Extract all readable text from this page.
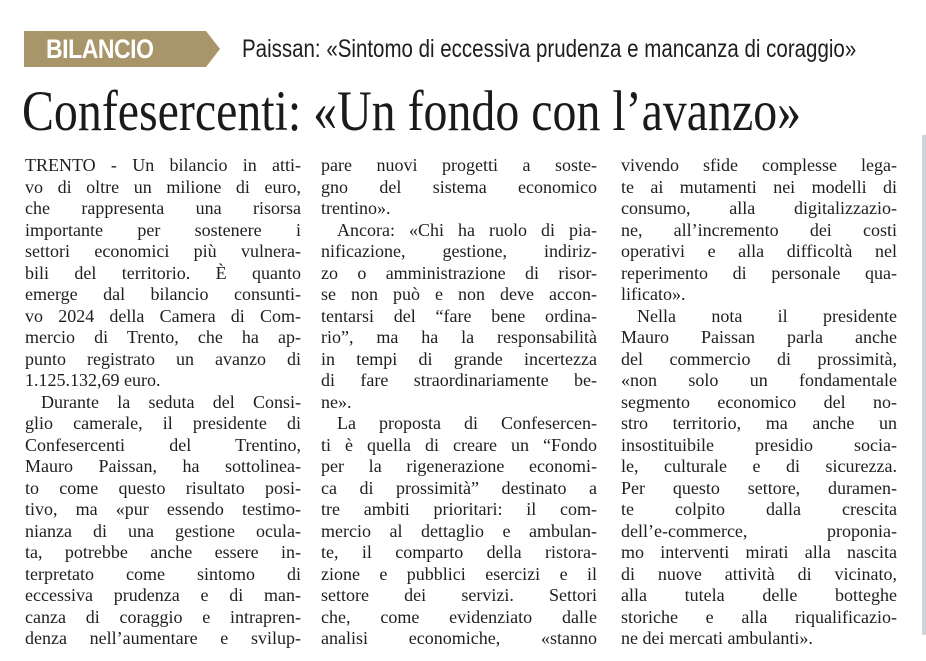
BILANCIO	Paissan: «Sintomo di eccessiva prudenza e mancanza di coraggio»
Confesercenti: «Un fondo con l’avanzo»
TRENTO - Un bilancio in atti-
vo di oltre un milione di euro,
che rappresenta una risorsa
importante per sostenere i
settori economici più vulnera-
bili del territorio. È quanto
emerge dal bilancio consunti-
vo 2024 della Camera di Com-
mercio di Trento, che ha ap-
punto registrato un avanzo di
1.125.132,69 euro.
Durante la seduta del Consi-
glio camerale, il presidente di
Confesercenti del Trentino,
Mauro Paissan, ha sottolinea-
to come questo risultato posi-
tivo, ma «pur essendo testimo-
nianza di una gestione ocula-
ta, potrebbe anche essere in-
terpretato come sintomo di
eccessiva prudenza e di man-
canza di coraggio e intrapren-
denza nell’aumentare e svilup-
pare nuovi progetti a soste-
gno del sistema economico
trentino».
Ancora: «Chi ha ruolo di pia-
nificazione, gestione, indiriz-
zo o amministrazione di risor-
se non può e non deve accon-
tentarsi del “fare bene ordina-
rio”, ma ha la responsabilità
in tempi di grande incertezza
di fare straordinariamente be-
ne».
La proposta di Confesercen-
ti è quella di creare un “Fondo
per la rigenerazione economi-
ca di prossimità” destinato a
tre ambiti prioritari: il com-
mercio al dettaglio e ambulan-
te, il comparto della ristora-
zione e pubblici esercizi e il
settore dei servizi. Settori
che, come evidenziato dalle
analisi economiche, «stanno
vivendo sfide complesse lega-
te ai mutamenti nei modelli di
consumo, alla digitalizzazio-
ne, all’incremento dei costi
operativi e alla difficoltà nel
reperimento di personale qua-
lificato».
Nella nota il presidente
Mauro Paissan parla anche
del commercio di prossimità,
«non solo un fondamentale
segmento economico del no-
stro territorio, ma anche un
insostituibile presidio socia-
le, culturale e di sicurezza.
Per questo settore, duramen-
te colpito dalla crescita
dell’e-commerce, proponia-
mo interventi mirati alla nascita
di nuove attività di vicinato,
alla tutela delle botteghe
storiche e alla riqualificazio-
ne dei mercati ambulanti».
